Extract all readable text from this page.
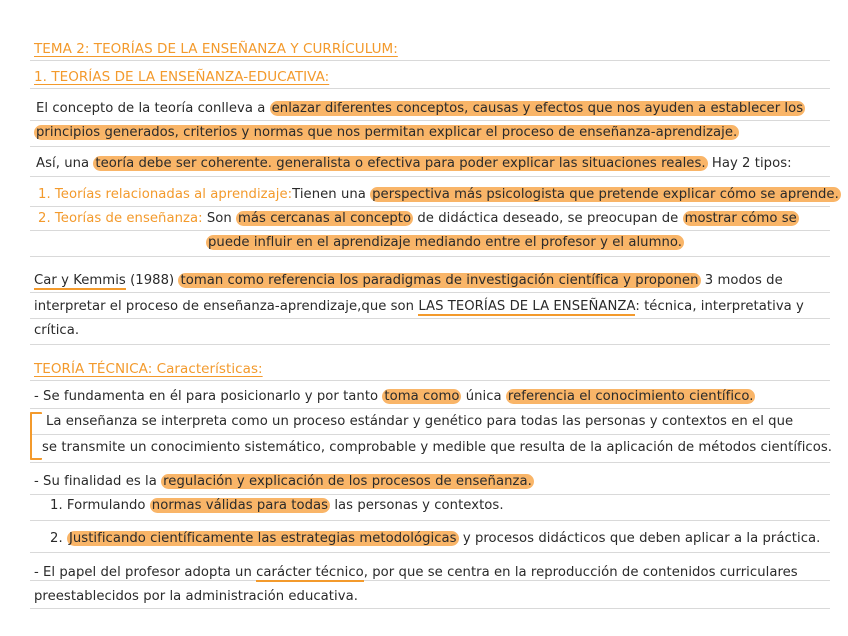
TEMA 2: TEORÍAS DE LA ENSEÑANZA Y CURRÍCULUM:
1. TEORÍAS DE LA ENSEÑANZA-EDUCATIVA:
El concepto de la teoría conlleva a enlazar diferentes conceptos, causas y efectos que nos ayuden a establecer los
principios generados, criterios y normas que nos permitan explicar el proceso de enseñanza-aprendizaje.
Así, una teoría debe ser coherente. generalista o efectiva para poder explicar las situaciones reales. Hay 2 tipos:
1. Teorías relacionadas al aprendizaje:Tienen una perspectiva más psicologista que pretende explicar cómo se aprende.
2. Teorías de enseñanza: Son más cercanas al concepto de didáctica deseado, se preocupan de mostrar cómo se
puede influir en el aprendizaje mediando entre el profesor y el alumno.
Car y Kemmis (1988) toman como referencia los paradigmas de investigación científica y proponen 3 modos de
interpretar el proceso de enseñanza-aprendizaje,que son LAS TEORÍAS DE LA ENSEÑANZA: técnica, interpretativa y
crítica.
TEORÍA TÉCNICA: Características:
- Se fundamenta en él para posicionarlo y por tanto toma como única referencia el conocimiento científico.
La enseñanza se interpreta como un proceso estándar y genético para todas las personas y contextos en el que
se transmite un conocimiento sistemático, comprobable y medible que resulta de la aplicación de métodos científicos.
- Su finalidad es la regulación y explicación de los procesos de enseñanza.
1. Formulando normas válidas para todas las personas y contextos.
2. Justificando científicamente las estrategias metodológicas y procesos didácticos que deben aplicar a la práctica.
- El papel del profesor adopta un carácter técnico, por que se centra en la reproducción de contenidos curriculares
preestablecidos por la administración educativa.
